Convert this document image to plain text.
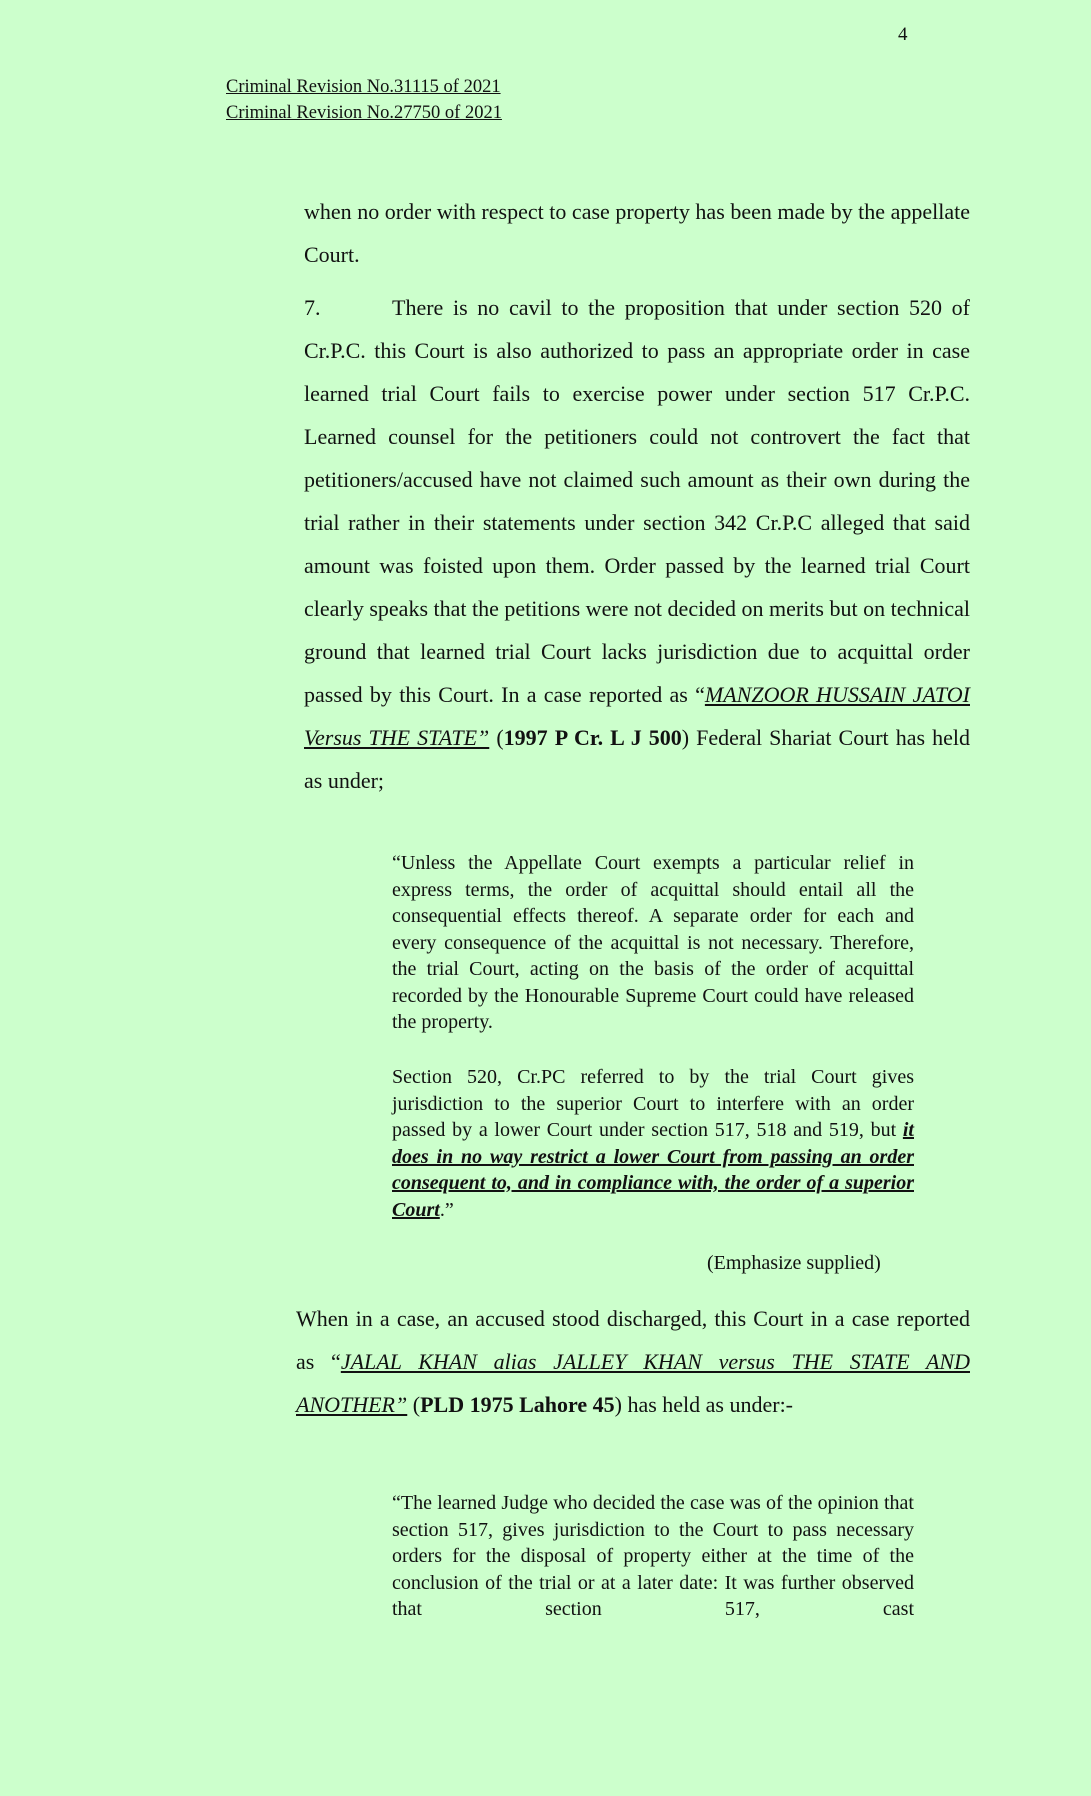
4
Criminal Revision No.31115 of 2021
Criminal Revision No.27750 of 2021
when no order with respect to case property has been made by the appellate Court.
7.	There is no cavil to the proposition that under section 520 of Cr.P.C. this Court is also authorized to pass an appropriate order in case learned trial Court fails to exercise power under section 517 Cr.P.C. Learned counsel for the petitioners could not controvert the fact that petitioners/accused have not claimed such amount as their own during the trial rather in their statements under section 342 Cr.P.C alleged that said amount was foisted upon them. Order passed by the learned trial Court clearly speaks that the petitions were not decided on merits but on technical ground that learned trial Court lacks jurisdiction due to acquittal order passed by this Court. In a case reported as “MANZOOR HUSSAIN JATOI Versus THE STATE” (1997 P Cr. L J 500) Federal Shariat Court has held as under;
“Unless the Appellate Court exempts a particular relief in express terms, the order of acquittal should entail all the consequential effects thereof. A separate order for each and every consequence of the acquittal is not necessary. Therefore, the trial Court, acting on the basis of the order of acquittal recorded by the Honourable Supreme Court could have released the property.
Section 520, Cr.PC referred to by the trial Court gives jurisdiction to the superior Court to interfere with an order passed by a lower Court under section 517, 518 and 519, but it does in no way restrict a lower Court from passing an order consequent to, and in compliance with, the order of a superior Court.”
(Emphasize supplied)
When in a case, an accused stood discharged, this Court in a case reported as “JALAL KHAN alias JALLEY KHAN versus THE STATE AND ANOTHER” (PLD 1975 Lahore 45) has held as under:-
“The learned Judge who decided the case was of the opinion that section 517, gives jurisdiction to the Court to pass necessary orders for the disposal of property either at the time of the conclusion of the trial or at a later date: It was further observed that section 517, cast
